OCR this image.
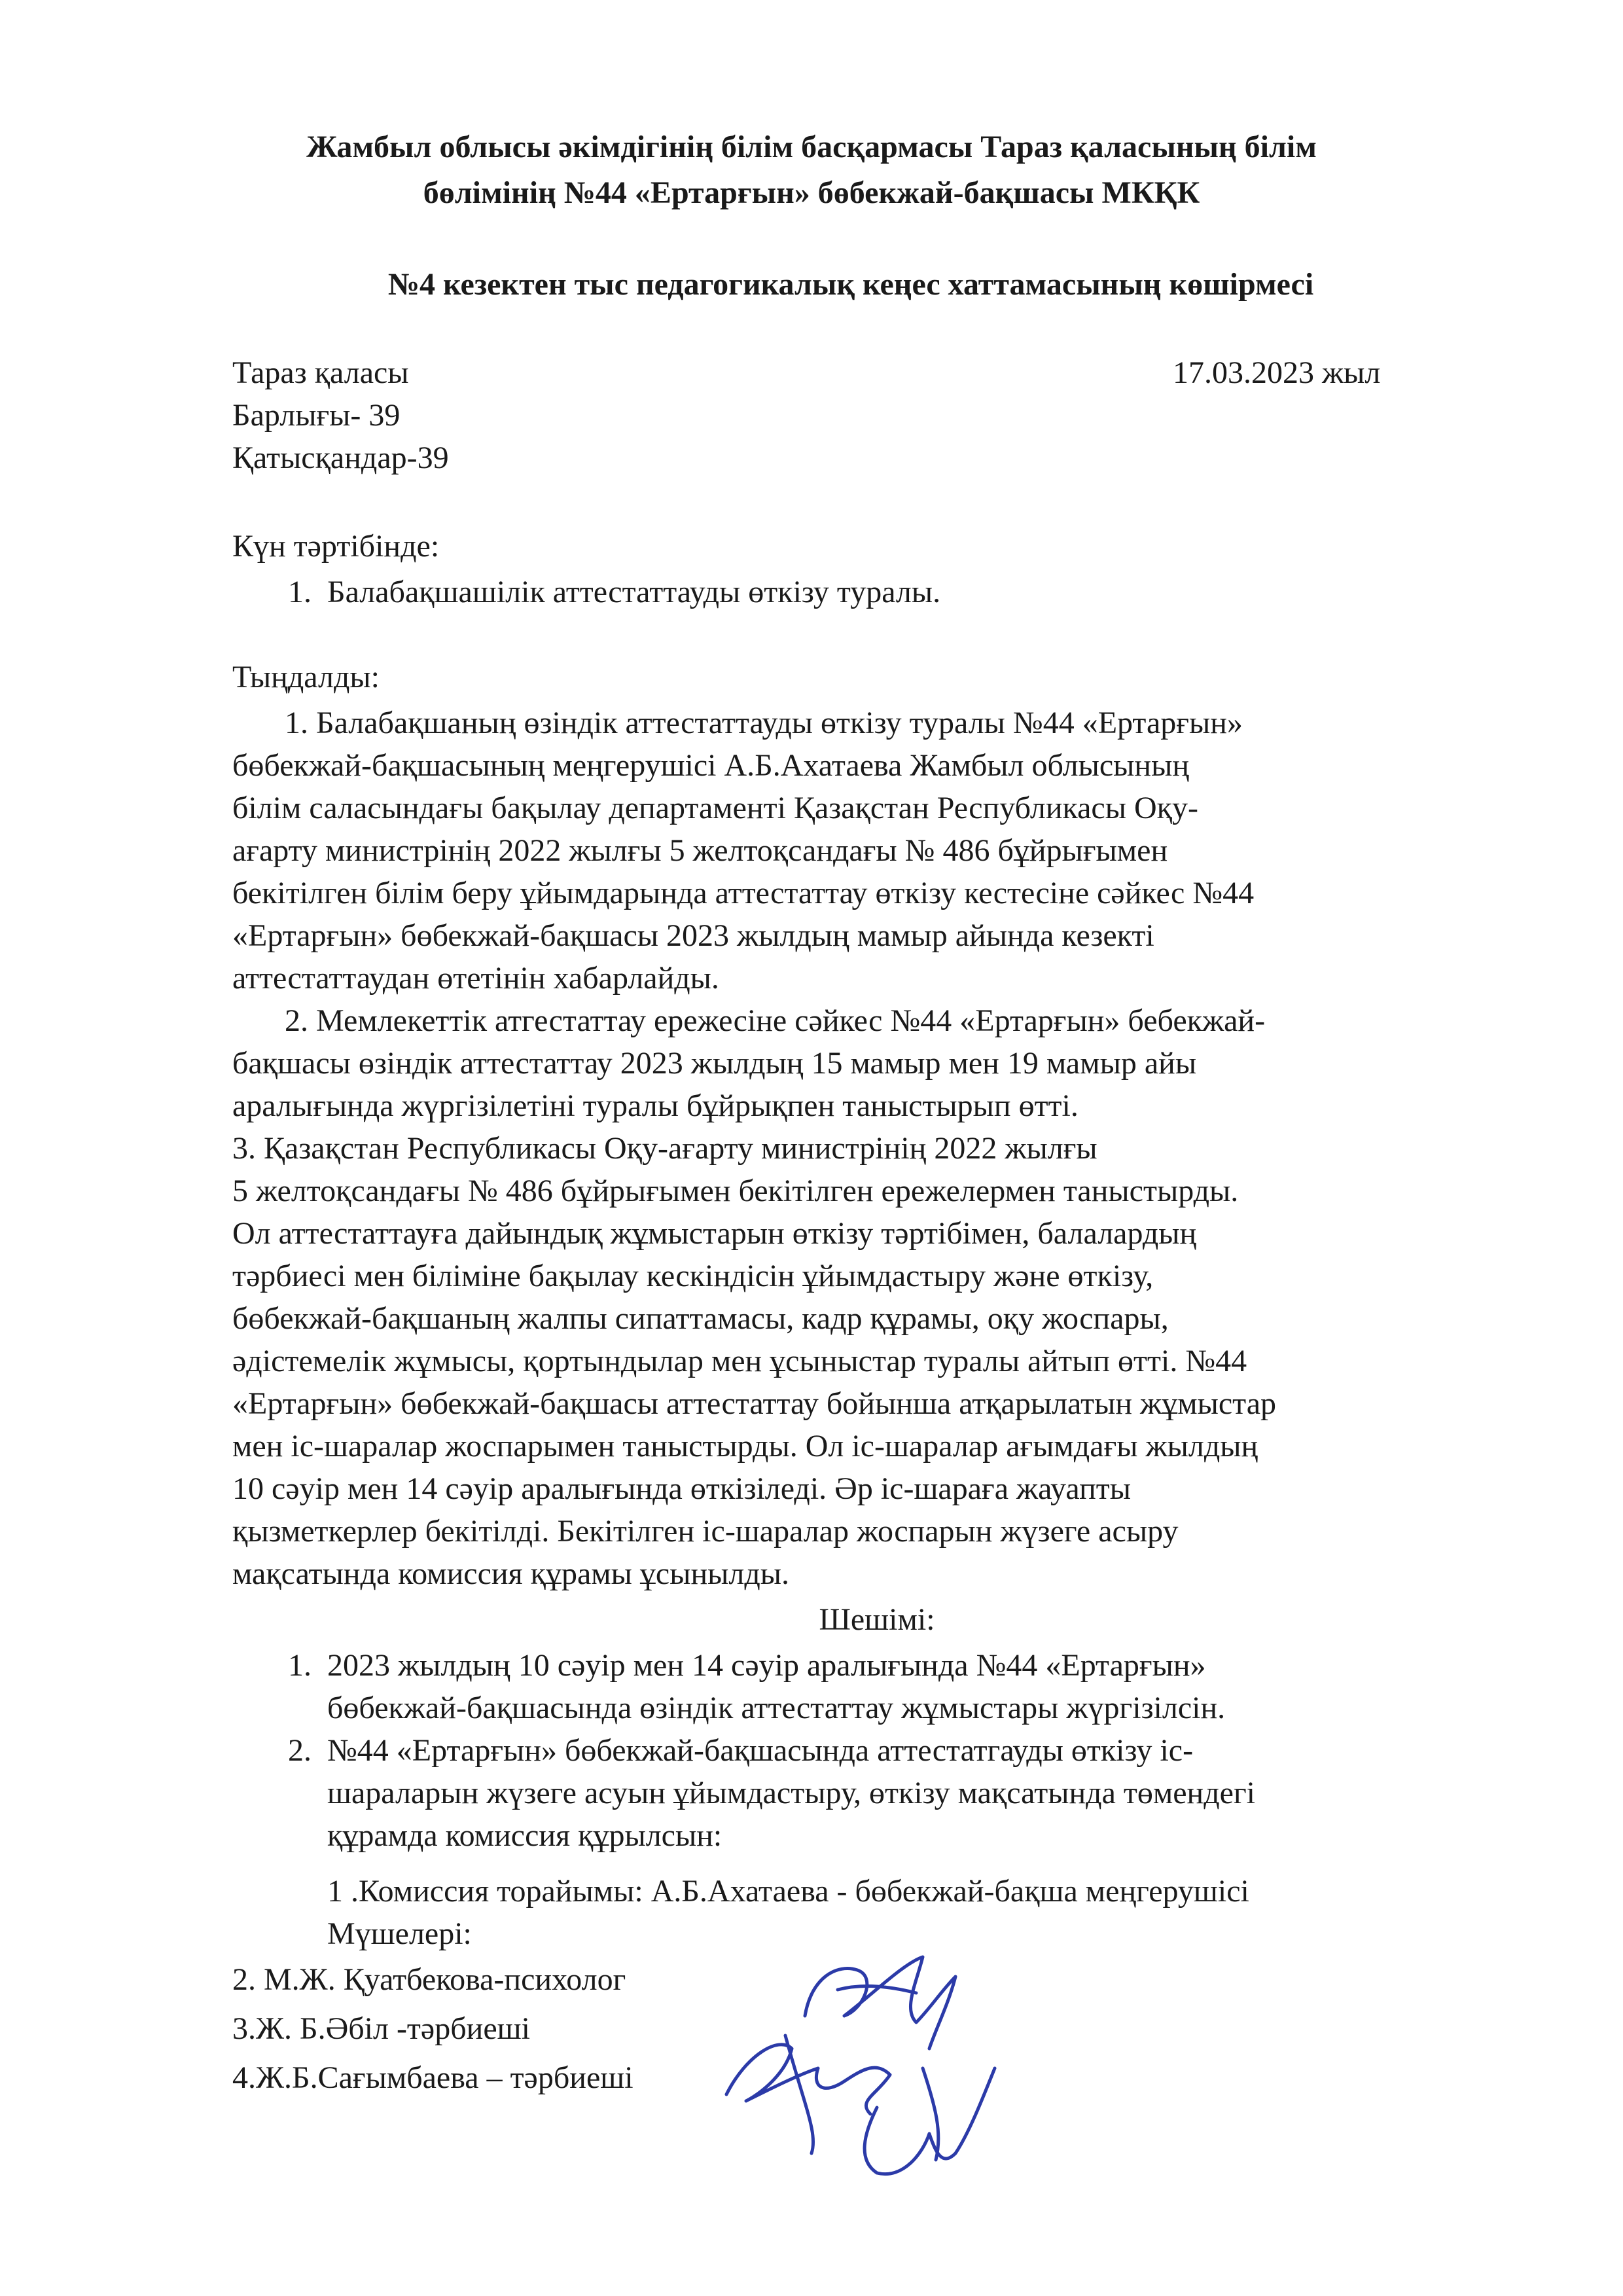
Жамбыл облысы әкімдігінің білім басқармасы Тараз қаласының білім
бөлімінің №44 «Ертарғын» бөбекжай-бақшасы МКҚК
№4 кезектен тыс педагогикалық кеңес хаттамасының көшірмесі
Тараз қаласы	17.03.2023 жыл
Барлығы- 39
Қатысқандар-39
Күн тәртібінде:
1. Балабақшашілік аттестаттауды өткізу туралы.
Тыңдалды:
1. Балабақшаның өзіндік аттестаттауды өткізу туралы №44 «Ертарғын»
бөбекжай-бақшасының меңгерушісі А.Б.Ахатаева Жамбыл облысының
білім саласындағы бақылау департаменті Қазақстан Республикасы Оқу-
ағарту министрінің 2022 жылғы 5 желтоқсандағы № 486 бұйрығымен
бекітілген білім беру ұйымдарында аттестаттау өткізу кестесіне сәйкес №44
«Ертарғын» бөбекжай-бақшасы 2023 жылдың мамыр айында кезекті
аттестаттаудан өтетінін хабарлайды.
2. Мемлекеттік атгестаттау ережесіне сәйкес №44 «Ертарғын» бебекжай-
бақшасы өзіндік аттестаттау 2023 жылдың 15 мамыр мен 19 мамыр айы
аралығында жүргізілетіні туралы бұйрықпен таныстырып өтті.
3. Қазақстан Республикасы Оқу-ағарту министрінің 2022 жылғы
5 желтоқсандағы № 486 бұйрығымен бекітілген ережелермен таныстырды.
Ол аттестаттауға дайындық жұмыстарын өткізу тәртібімен, балалардың
тәрбиесі мен біліміне бақылау кескіндісін ұйымдастыру және өткізу,
бөбекжай-бақшаның жалпы сипаттамасы, кадр құрамы, оқу жоспары,
әдістемелік жұмысы, қортындылар мен ұсыныстар туралы айтып өтті. №44
«Ертарғын» бөбекжай-бақшасы аттестаттау бойынша атқарылатын жұмыстар
мен іс-шаралар жоспарымен таныстырды. Ол іс-шаралар ағымдағы жылдың
10 сәуір мен 14 сәуір аралығында өткізіледі. Әр іс-шараға жауапты
қызметкерлер бекітілді. Бекітілген іс-шаралар жоспарын жүзеге асыру
мақсатында комиссия құрамы ұсынылды.
Шешімі:
1. 2023 жылдың 10 сәуір мен 14 сәуір аралығында №44 «Ертарғын»
бөбекжай-бақшасында өзіндік аттестаттау жұмыстары жүргізілсін.
2. №44 «Ертарғын» бөбекжай-бақшасында аттестатгауды өткізу іс-
шараларын жүзеге асуын ұйымдастыру, өткізу мақсатында төмендегі
құрамда комиссия құрылсын:
1 .Комиссия торайымы: А.Б.Ахатаева - бөбекжай-бақша меңгерушісі
Мүшелері:
2. М.Ж. Қуатбекова-психолог
3.Ж. Б.Әбіл -тәрбиеші
4.Ж.Б.Сағымбаева – тәрбиеші
